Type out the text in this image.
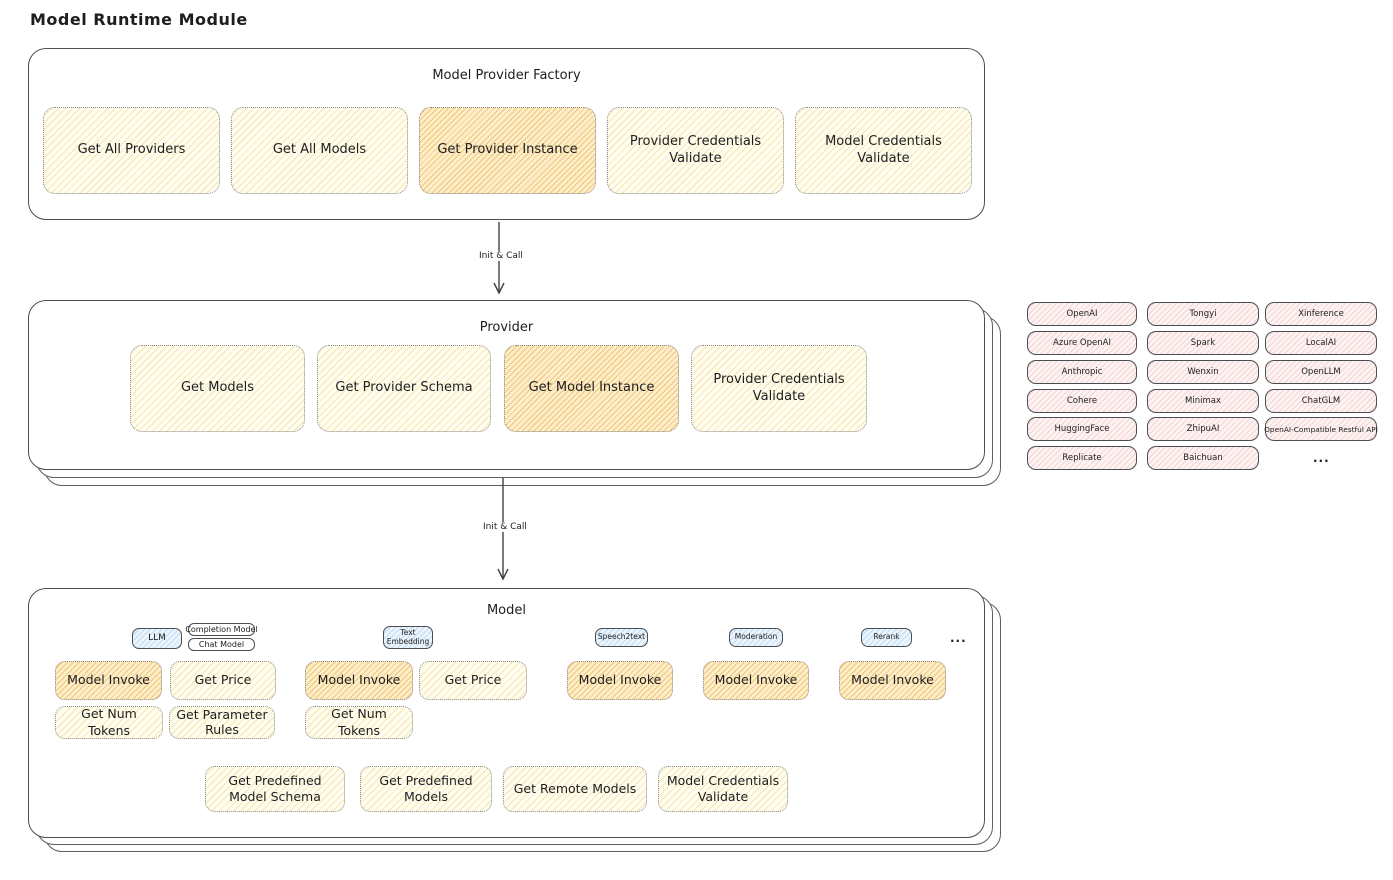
Model Runtime Module
Model Provider Factory
Get All Providers	Get All Models	Get Provider Instance
Provider Credentials Validate
Model Credentials Validate
Init & Call
Provider
Get Models	Get Provider Schema	Get Model Instance
Provider Credentials Validate
OpenAI
Azure OpenAI
Anthropic
Cohere
HuggingFace
Replicate
Tongyi
Spark
Wenxin
Minimax
ZhipuAI
Baichuan
Xinference
LocalAI
OpenLLM
ChatGLM
OpenAI-Compatible Restful API
...
Init & Call
Model
LLM
Completion Model
Chat Model
Text Embedding	Speech2text	Moderation	Rerank	...
Model Invoke	Get Price	Model Invoke	Get Price	Model Invoke	Model Invoke	Model Invoke
Get Num Tokens
Get Parameter Rules
Get Num Tokens
Get Predefined Model Schema
Get Predefined Models
Get Remote Models
Model Credentials Validate
